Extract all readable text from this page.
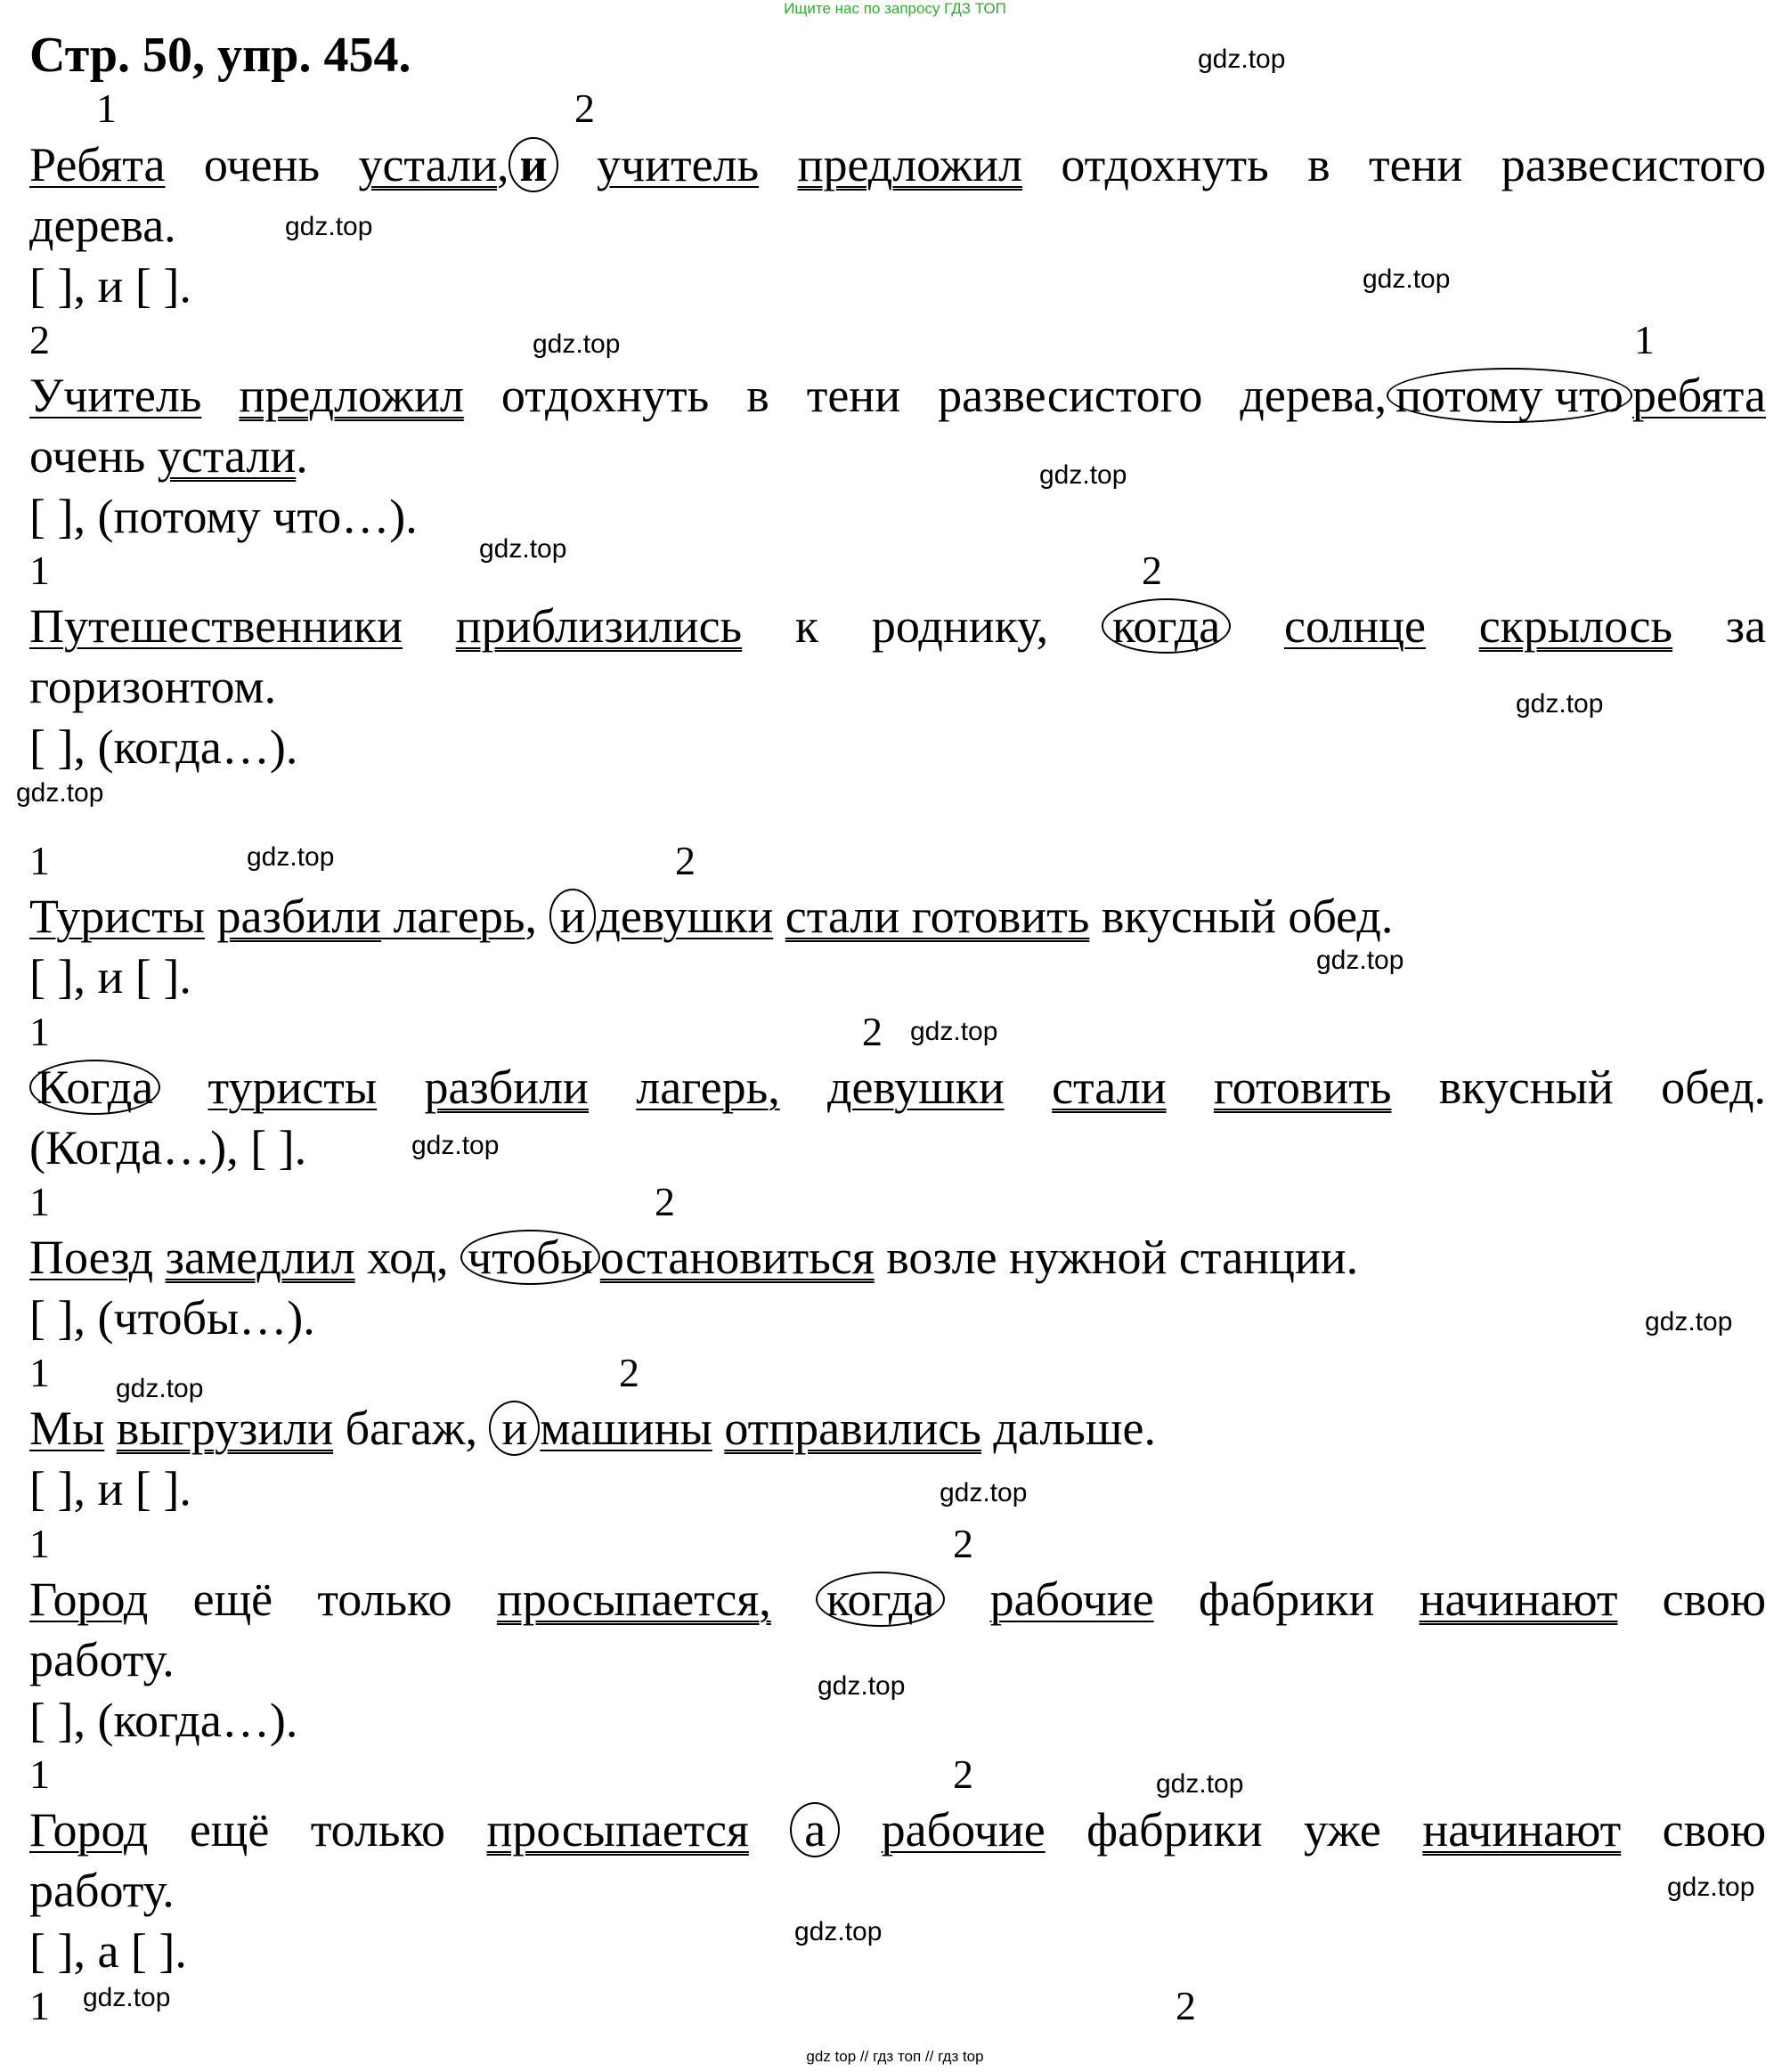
Ищите нас по запросу ГДЗ ТОП
Стр. 50, упр. 454.	gdz.top
gdz.top
gdz.top
gdz.top
gdz.top
gdz.top
gdz.top
gdz.top
gdz.top
gdz.top
gdz.top
gdz.top
gdz.top
gdz.top
gdz.top
gdz.top
gdz.top
gdz.top
gdz.top
gdz.top
1	2
Ребята очень устали, и учитель предложил отдохнуть в тени развесистого
дерева.
[ ], и [ ].
2	1
Учитель предложил отдохнуть в тени развесистого дерева, потому что ребята
очень устали.
[ ], (потому что…).
1	2
Путешественники приблизились к роднику, когда солнце скрылось за
горизонтом.
[ ], (когда…).
1	2
Туристы разбили лагерь, и девушки стали готовить вкусный обед.
[ ], и [ ].
1	2
Когда туристы разбили лагерь, девушки стали готовить вкусный обед.
(Когда…), [ ].
1	2
Поезд замедлил ход, чтобы остановиться возле нужной станции.
[ ], (чтобы…).
1	2
Мы выгрузили багаж, и машины отправились дальше.
[ ], и [ ].
1	2
Город ещё только просыпается, когда рабочие фабрики начинают свою
работу.
[ ], (когда…).
1	2
Город ещё только просыпается а рабочие фабрики уже начинают свою
работу.
[ ], а [ ].
1	2
gdz top // гдз топ // гдз top
